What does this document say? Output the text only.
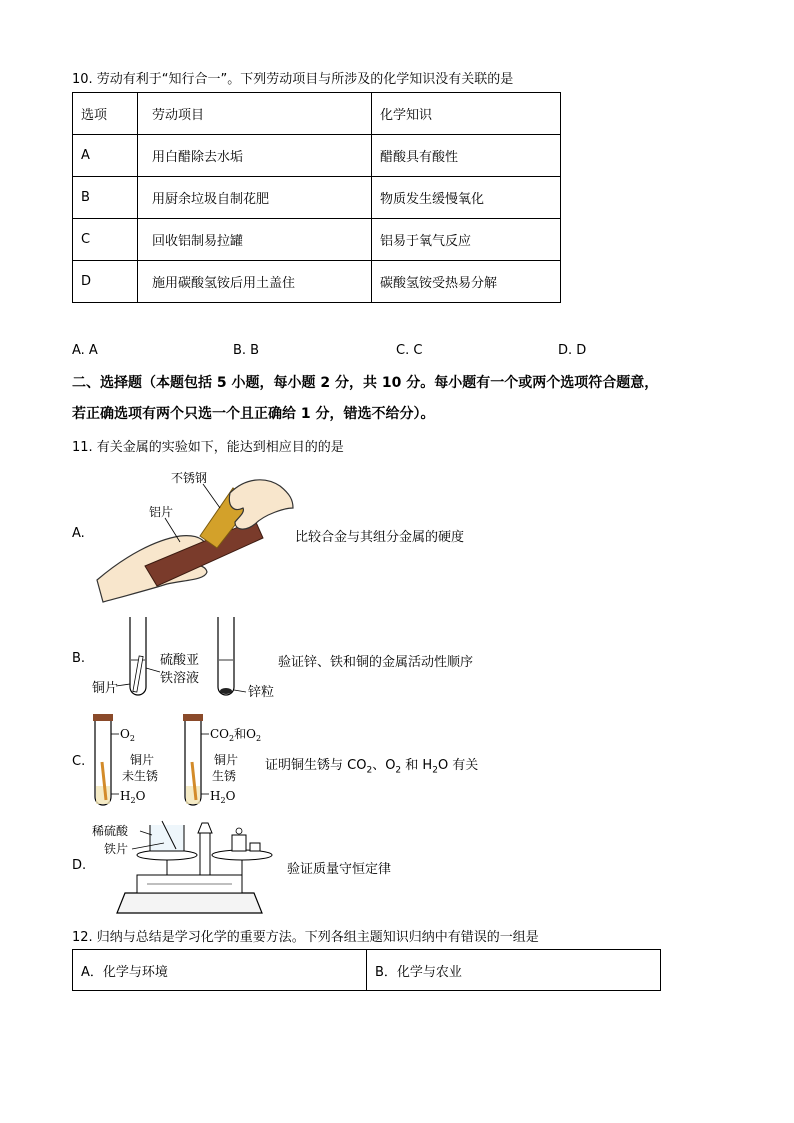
10. 劳动有利于“知行合一”。下列劳动项目与所涉及的化学知识没有关联的是
选项	劳动项目	化学知识
A	用白醋除去水垢	醋酸具有酸性
B	用厨余垃圾自制花肥	物质发生缓慢氧化
C	回收铝制易拉罐	铝易于氧气反应
D	施用碳酸氢铵后用土盖住	碳酸氢铵受热易分解
A. A	B. B	C. C	D. D
二、选择题（本题包括 5 小题，每小题 2 分，共 10 分。每小题有一个或两个选项符合题意，
若正确选项有两个只选一个且正确给 1 分，错选不给分）。
11. 有关金属的实验如下，能达到相应目的的是
A.
不锈钢
铝片
比较合金与其组分金属的硬度
B.	硫酸亚
铁溶液
铜片	锌粒
验证锌、铁和铜的金属活动性顺序
C.
$O_2$
铜片
未生锈
$H_2O$
$CO_2$和$O_2$
铜片
生锈
$H_2O$
证明铜生锈与 $CO_2$、$O_2$ 和 $H_2O$ 有关
D.
稀硫酸
铁片
验证质量守恒定律
12. 归纳与总结是学习化学的重要方法。下列各组主题知识归纳中有错误的一组是
A．化学与环境	B．化学与农业
